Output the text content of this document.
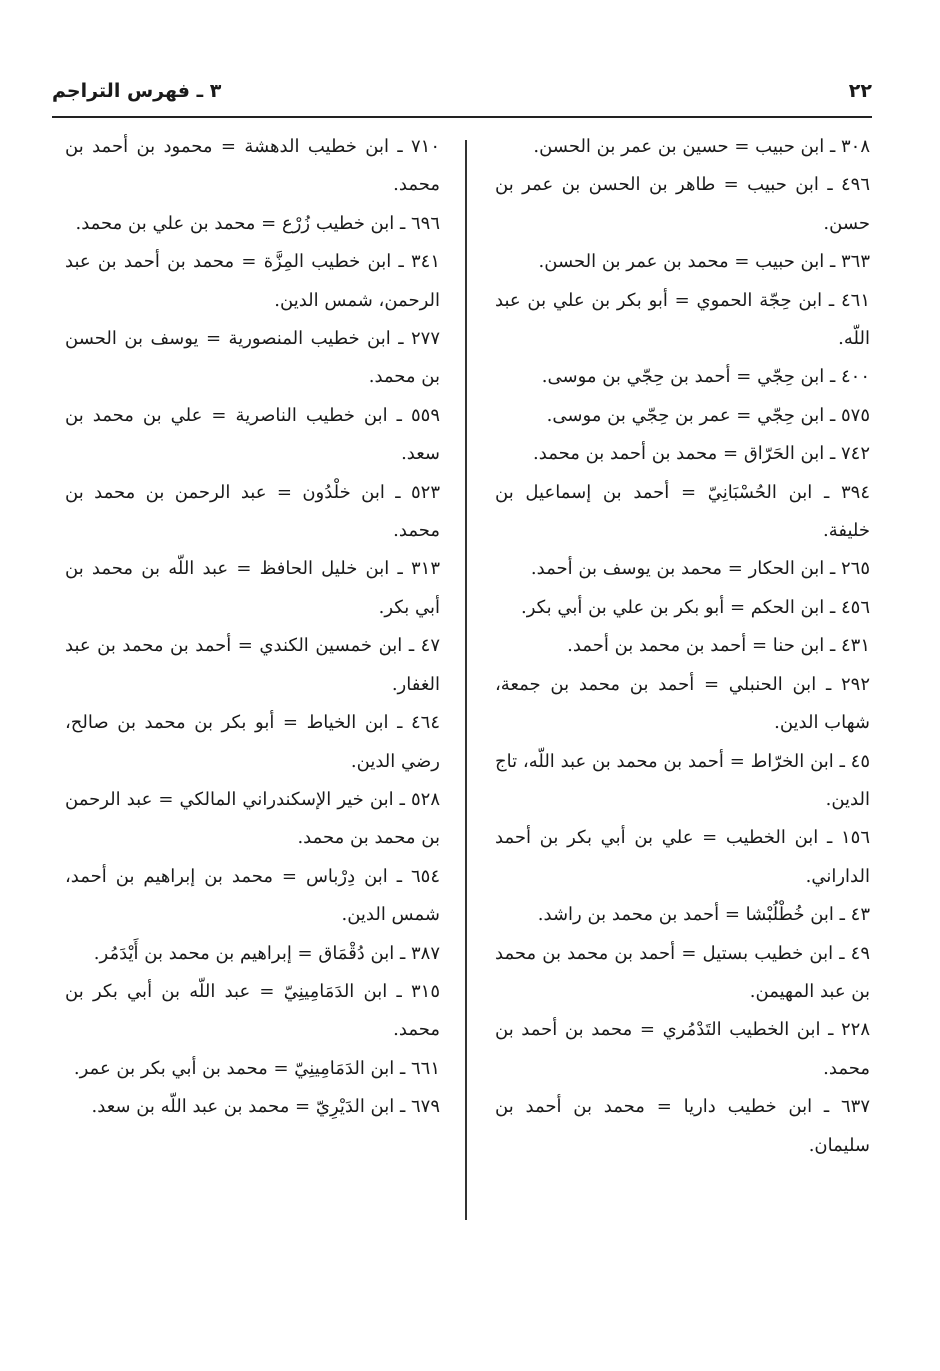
٣ ـ فهرس التراجم	٢٢

٣٠٨ ـ ابن حبيب = حسين بن عمر بن الحسن.

٤٩٦ ـ ابن حبيب = طاهر بن الحسن بن عمر بن حسن.

٣٦٣ ـ ابن حبيب = محمد بن عمر بن الحسن.

٤٦١ ـ ابن حِجّة الحموي = أبو بكر بن علي بن عبد اللّه.

٤٠٠ ـ ابن حِجّي = أحمد بن حِجّي بن موسى.

٥٧٥ ـ ابن حِجّي = عمر بن حِجّي بن موسى.

٧٤٢ ـ ابن الحَرّاق = محمد بن أحمد بن محمد.

٣٩٤ ـ ابن الحُسْبَانِيّ = أحمد بن إسماعيل بن خليفة.

٢٦٥ ـ ابن الحكار = محمد بن يوسف بن أحمد.

٤٥٦ ـ ابن الحكم = أبو بكر بن علي بن أبي بكر.

٤٣١ ـ ابن حنا = أحمد بن محمد بن أحمد.

٢٩٢ ـ ابن الحنبلي = أحمد بن محمد بن جمعة، شهاب الدين.

٤٥ ـ ابن الخرّاط = أحمد بن محمد بن عبد اللّه، تاج الدين.

١٥٦ ـ ابن الخطيب = علي بن أبي بكر بن أحمد الداراني.

٤٣ ـ ابن خُطْلُبْشا = أحمد بن محمد بن راشد.

٤٩ ـ ابن خطيب بستيل = أحمد بن محمد بن محمد بن عبد المهيمن.

٢٢٨ ـ ابن الخطيب التَدْمُري = محمد بن أحمد بن محمد.

٦٣٧ ـ ابن خطيب داريا = محمد بن أحمد بن سليمان.

٧١٠ ـ ابن خطيب الدهشة = محمود بن أحمد بن محمد.

٦٩٦ ـ ابن خطيب زُرْع = محمد بن علي بن محمد.

٣٤١ ـ ابن خطيب المِزَّة = محمد بن أحمد بن عبد الرحمن، شمس الدين.

٢٧٧ ـ ابن خطيب المنصورية = يوسف بن الحسن بن محمد.

٥٥٩ ـ ابن خطيب الناصرية = علي بن محمد بن سعد.

٥٢٣ ـ ابن خلْدُون = عبد الرحمن بن محمد بن محمد.

٣١٣ ـ ابن خليل الحافظ = عبد اللّه بن محمد بن أبي بكر.

٤٧ ـ ابن خمسين الكندي = أحمد بن محمد بن عبد الغفار.

٤٦٤ ـ ابن الخياط = أبو بكر بن محمد بن صالح، رضي الدين.

٥٢٨ ـ ابن خير الإسكندراني المالكي = عبد الرحمن بن محمد بن محمد.

٦٥٤ ـ ابن دِرْباس = محمد بن إبراهيم بن أحمد، شمس الدين.

٣٨٧ ـ ابن دُقْمَاق = إبراهيم بن محمد بن أَيْدَمُر.

٣١٥ ـ ابن الدَمَامِينِيّ = عبد اللّه بن أبي بكر بن محمد.

٦٦١ ـ ابن الدَمَامِينِيّ = محمد بن أبي بكر بن عمر.

٦٧٩ ـ ابن الدَيْرِيّ = محمد بن عبد اللّه بن سعد.
